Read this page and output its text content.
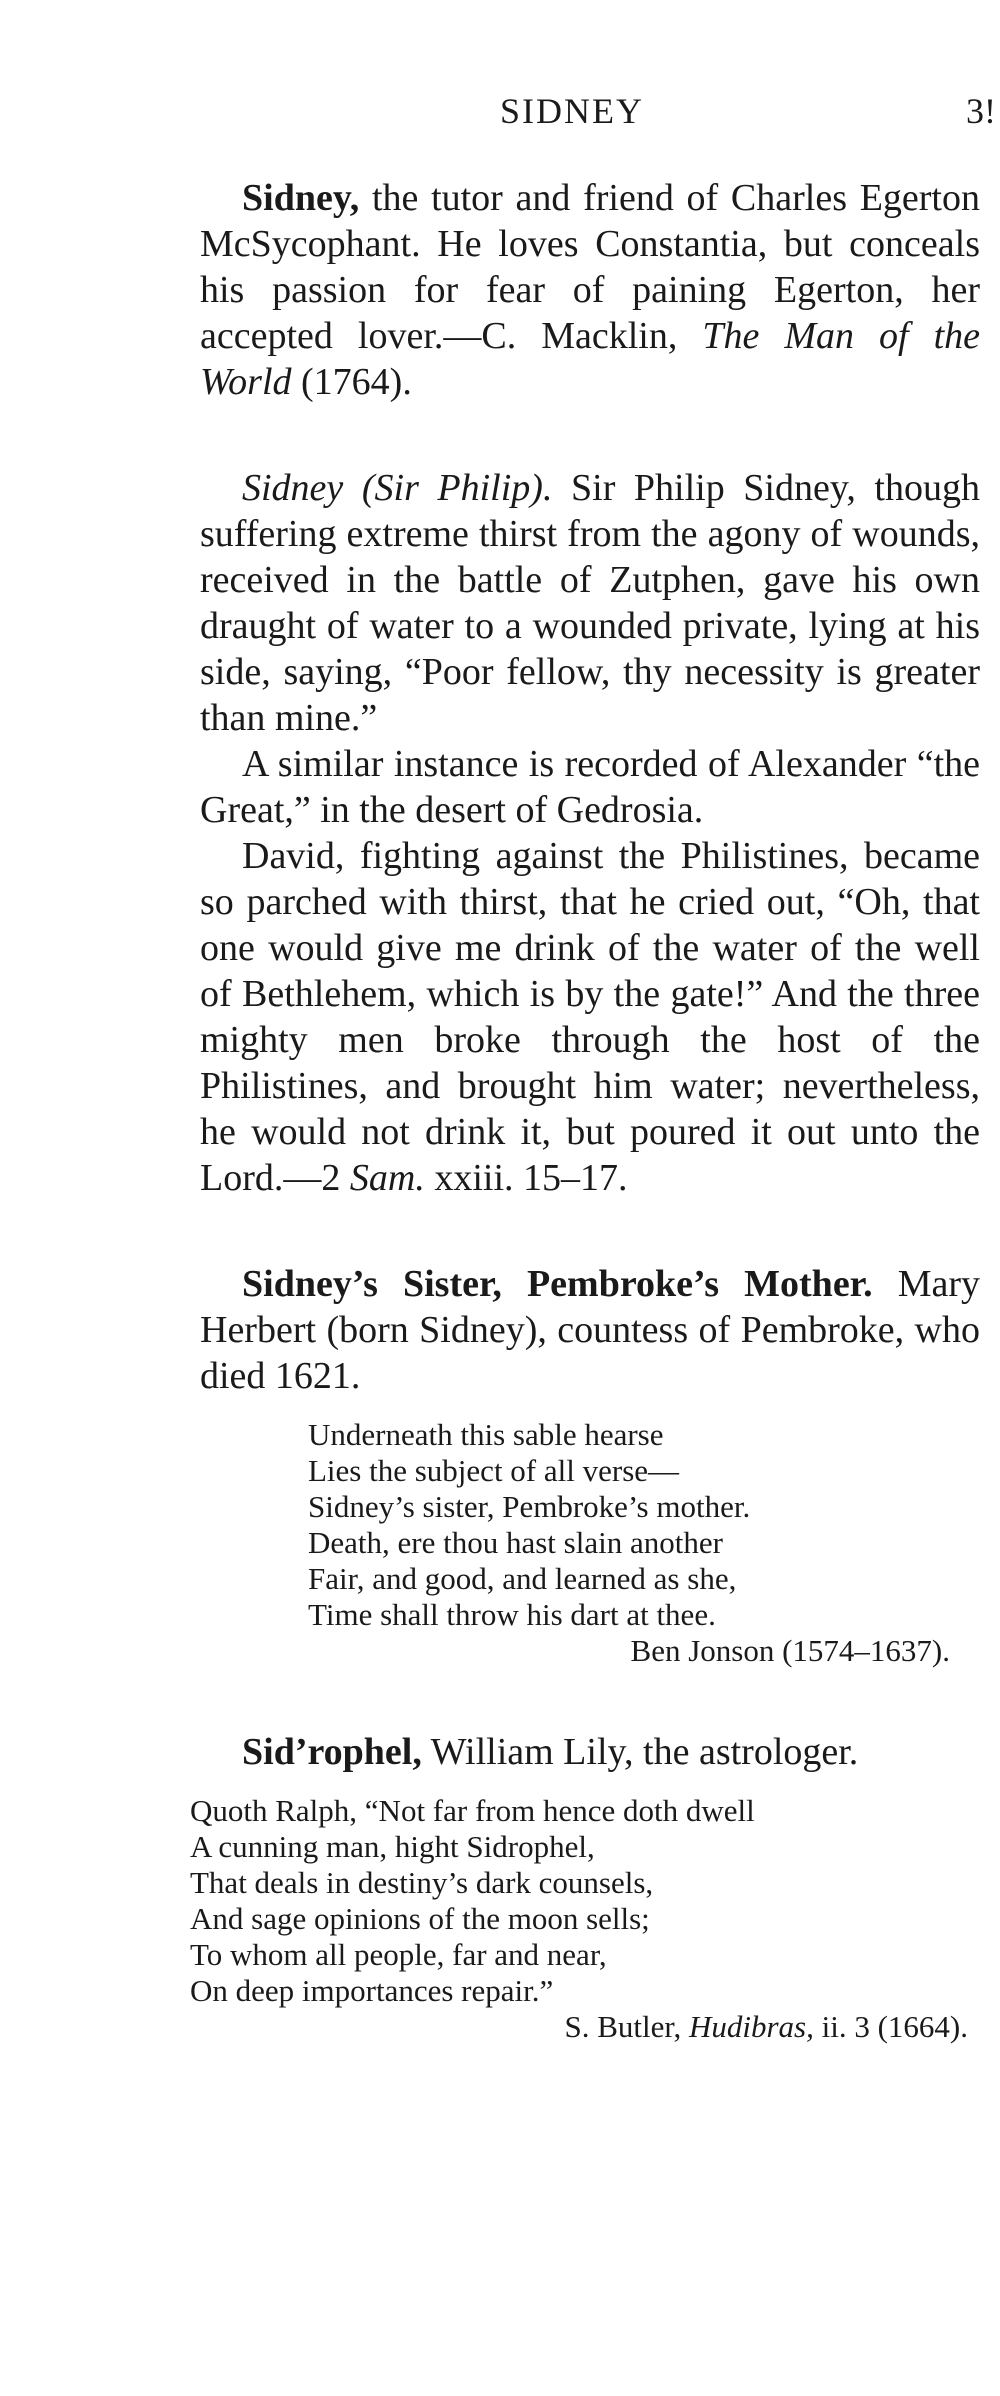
SIDNEY	3!

Sidney, the tutor and friend of Charles Egerton McSycophant. He loves Constantia, but conceals his passion for fear of paining Egerton, her accepted lover.—C. Macklin, The Man of the World (1764).

Sidney (Sir Philip). Sir Philip Sidney, though suffering extreme thirst from the agony of wounds, received in the battle of Zutphen, gave his own draught of water to a wounded private, lying at his side, saying, “Poor fellow, thy necessity is greater than mine.”

A similar instance is recorded of Alexander “the Great,” in the desert of Gedrosia.

David, fighting against the Philistines, became so parched with thirst, that he cried out, “Oh, that one would give me drink of the water of the well of Bethlehem, which is by the gate!” And the three mighty men broke through the host of the Philistines, and brought him water; nevertheless, he would not drink it, but poured it out unto the Lord.—2 Sam. xxiii. 15–17.

Sidney’s Sister, Pembroke’s Mother. Mary Herbert (born Sidney), countess of Pembroke, who died 1621.

Underneath this sable hearse
Lies the subject of all verse—
Sidney’s sister, Pembroke’s mother.
Death, ere thou hast slain another
Fair, and good, and learned as she,
Time shall throw his dart at thee.
Ben Jonson (1574–1637).

Sid’rophel, William Lily, the astrologer.

Quoth Ralph, “Not far from hence doth dwell
A cunning man, hight Sidrophel,
That deals in destiny’s dark counsels,
And sage opinions of the moon sells;
To whom all people, far and near,
On deep importances repair.”
S. Butler, Hudibras, ii. 3 (1664).
